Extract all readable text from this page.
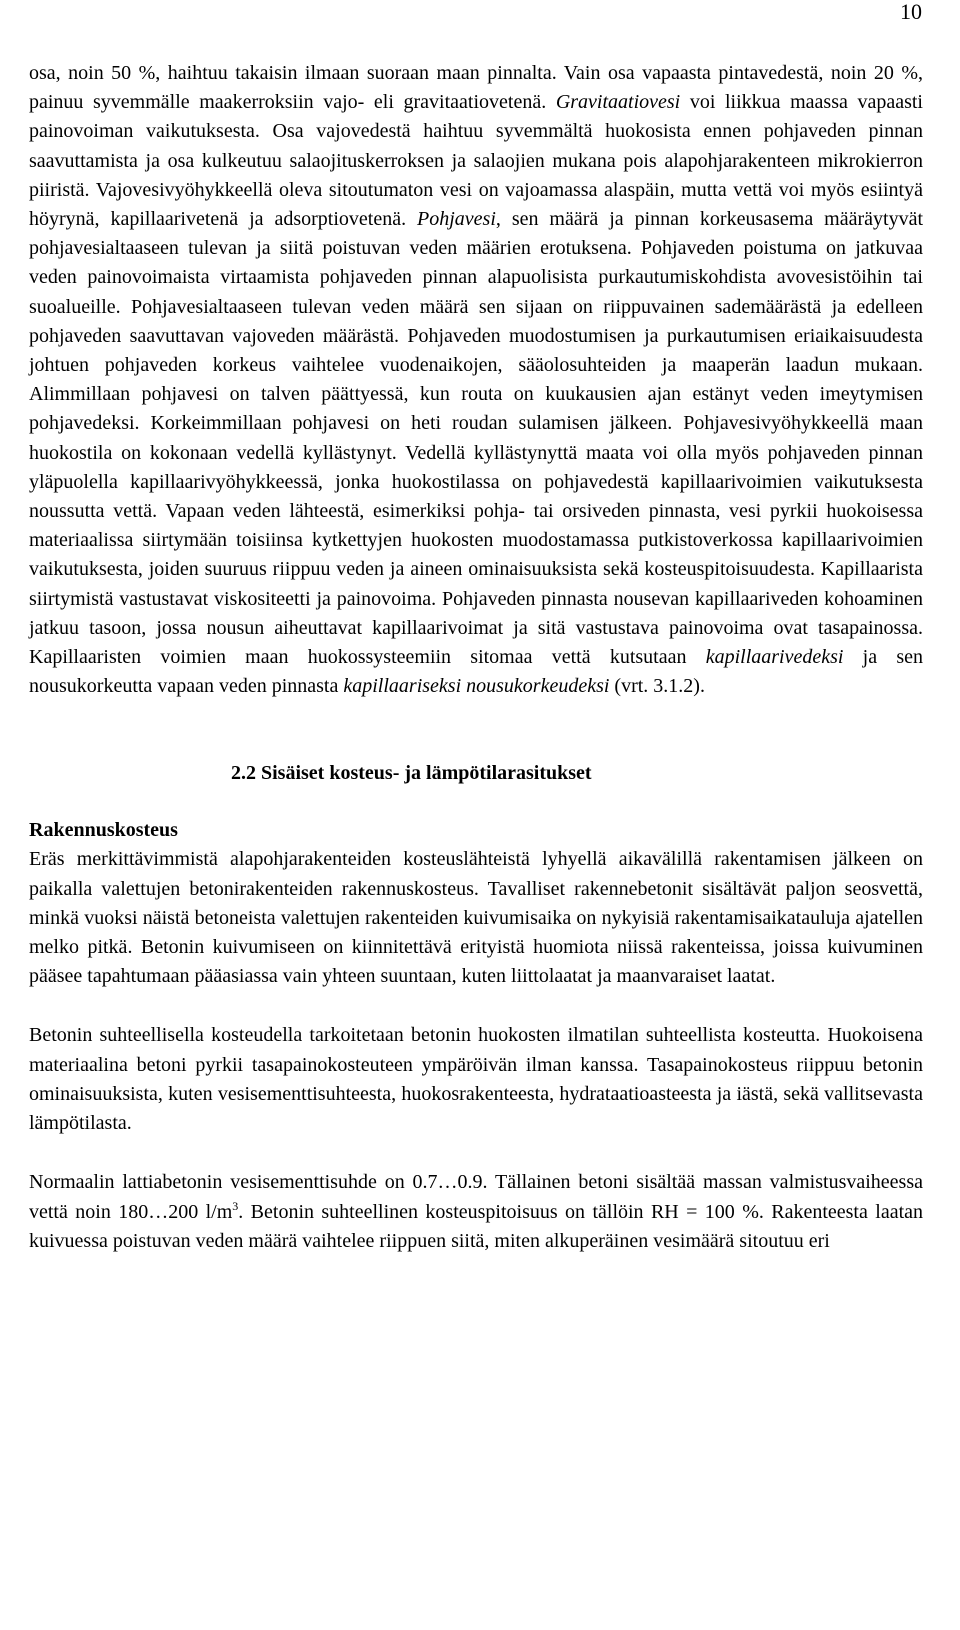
10

osa, noin 50 %, haihtuu takaisin ilmaan suoraan maan pinnalta. Vain osa vapaasta pintavedestä, noin 20 %, painuu syvemmälle maakerroksiin vajo- eli gravitaatiovetenä. Gravitaatiovesi voi liikkua maassa vapaasti painovoiman vaikutuksesta. Osa vajovedestä haihtuu syvemmältä huokosista ennen pohjaveden pinnan saavuttamista ja osa kulkeutuu salaojituskerroksen ja salaojien mukana pois alapohjarakenteen mikrokierron piiristä. Vajovesivyöhykkeellä oleva sitoutumaton vesi on vajoamassa alaspäin, mutta vettä voi myös esiintyä höyrynä, kapillaarivetenä ja adsorptiovetenä. Pohjavesi, sen määrä ja pinnan korkeusasema määräytyvät pohjavesialtaaseen tulevan ja siitä poistuvan veden määrien erotuksena. Pohjaveden poistuma on jatkuvaa veden painovoimaista virtaamista pohjaveden pinnan alapuolisista purkautumiskohdista avovesistöihin tai suoalueille. Pohjavesialtaaseen tulevan veden määrä sen sijaan on riippuvainen sademäärästä ja edelleen pohjaveden saavuttavan vajoveden määrästä. Pohjaveden muodostumisen ja purkautumisen eriaikaisuudesta johtuen pohjaveden korkeus vaihtelee vuodenaikojen, sääolosuhteiden ja maaperän laadun mukaan. Alimmillaan pohjavesi on talven päättyessä, kun routa on kuukausien ajan estänyt veden imeytymisen pohjavedeksi. Korkeimmillaan pohjavesi on heti roudan sulamisen jälkeen. Pohjavesivyöhykkeellä maan huokostila on kokonaan vedellä kyllästynyt. Vedellä kyllästynyttä maata voi olla myös pohjaveden pinnan yläpuolella kapillaarivyöhykkeessä, jonka huokostilassa on pohjavedestä kapillaarivoimien vaikutuksesta noussutta vettä. Vapaan veden lähteestä, esimerkiksi pohja- tai orsiveden pinnasta, vesi pyrkii huokoisessa materiaalissa siirtymään toisiinsa kytkettyjen huokosten muodostamassa putkistoverkossa kapillaarivoimien vaikutuksesta, joiden suuruus riippuu veden ja aineen ominaisuuksista sekä kosteuspitoisuudesta. Kapillaarista siirtymistä vastustavat viskositeetti ja painovoima. Pohjaveden pinnasta nousevan kapillaariveden kohoaminen jatkuu tasoon, jossa nousun aiheuttavat kapillaarivoimat ja sitä vastustava painovoima ovat tasapainossa. Kapillaaristen voimien maan huokossysteemiin sitomaa vettä kutsutaan kapillaarivedeksi ja sen nousukorkeutta vapaan veden pinnasta kapillaariseksi nousukorkeudeksi (vrt. 3.1.2).

2.2 Sisäiset kosteus- ja lämpötilarasitukset
Rakennuskosteus

Eräs merkittävimmistä alapohjarakenteiden kosteuslähteistä lyhyellä aikavälillä rakentamisen jälkeen on paikalla valettujen betonirakenteiden rakennuskosteus. Tavalliset rakennebetonit sisältävät paljon seosvettä, minkä vuoksi näistä betoneista valettujen rakenteiden kuivumisaika on nykyisiä rakentamisaikatauluja ajatellen melko pitkä. Betonin kuivumiseen on kiinnitettävä erityistä huomiota niissä rakenteissa, joissa kuivuminen pääsee tapahtumaan pääasiassa vain yhteen suuntaan, kuten liittolaatat ja maanvaraiset laatat.

Betonin suhteellisella kosteudella tarkoitetaan betonin huokosten ilmatilan suhteellista kosteutta. Huokoisena materiaalina betoni pyrkii tasapainokosteuteen ympäröivän ilman kanssa. Tasapainokosteus riippuu betonin ominaisuuksista, kuten vesisementtisuhteesta, huokosrakenteesta, hydrataatioasteesta ja iästä, sekä vallitsevasta lämpötilasta.

Normaalin lattiabetonin vesisementtisuhde on 0.7…0.9. Tällainen betoni sisältää massan valmistusvaiheessa vettä noin 180…200 $l/m^3$. Betonin suhteellinen kosteuspitoisuus on tällöin RH = 100 %. Rakenteesta laatan kuivuessa poistuvan veden määrä vaihtelee riippuen siitä, miten alkuperäinen vesimäärä sitoutuu eri
